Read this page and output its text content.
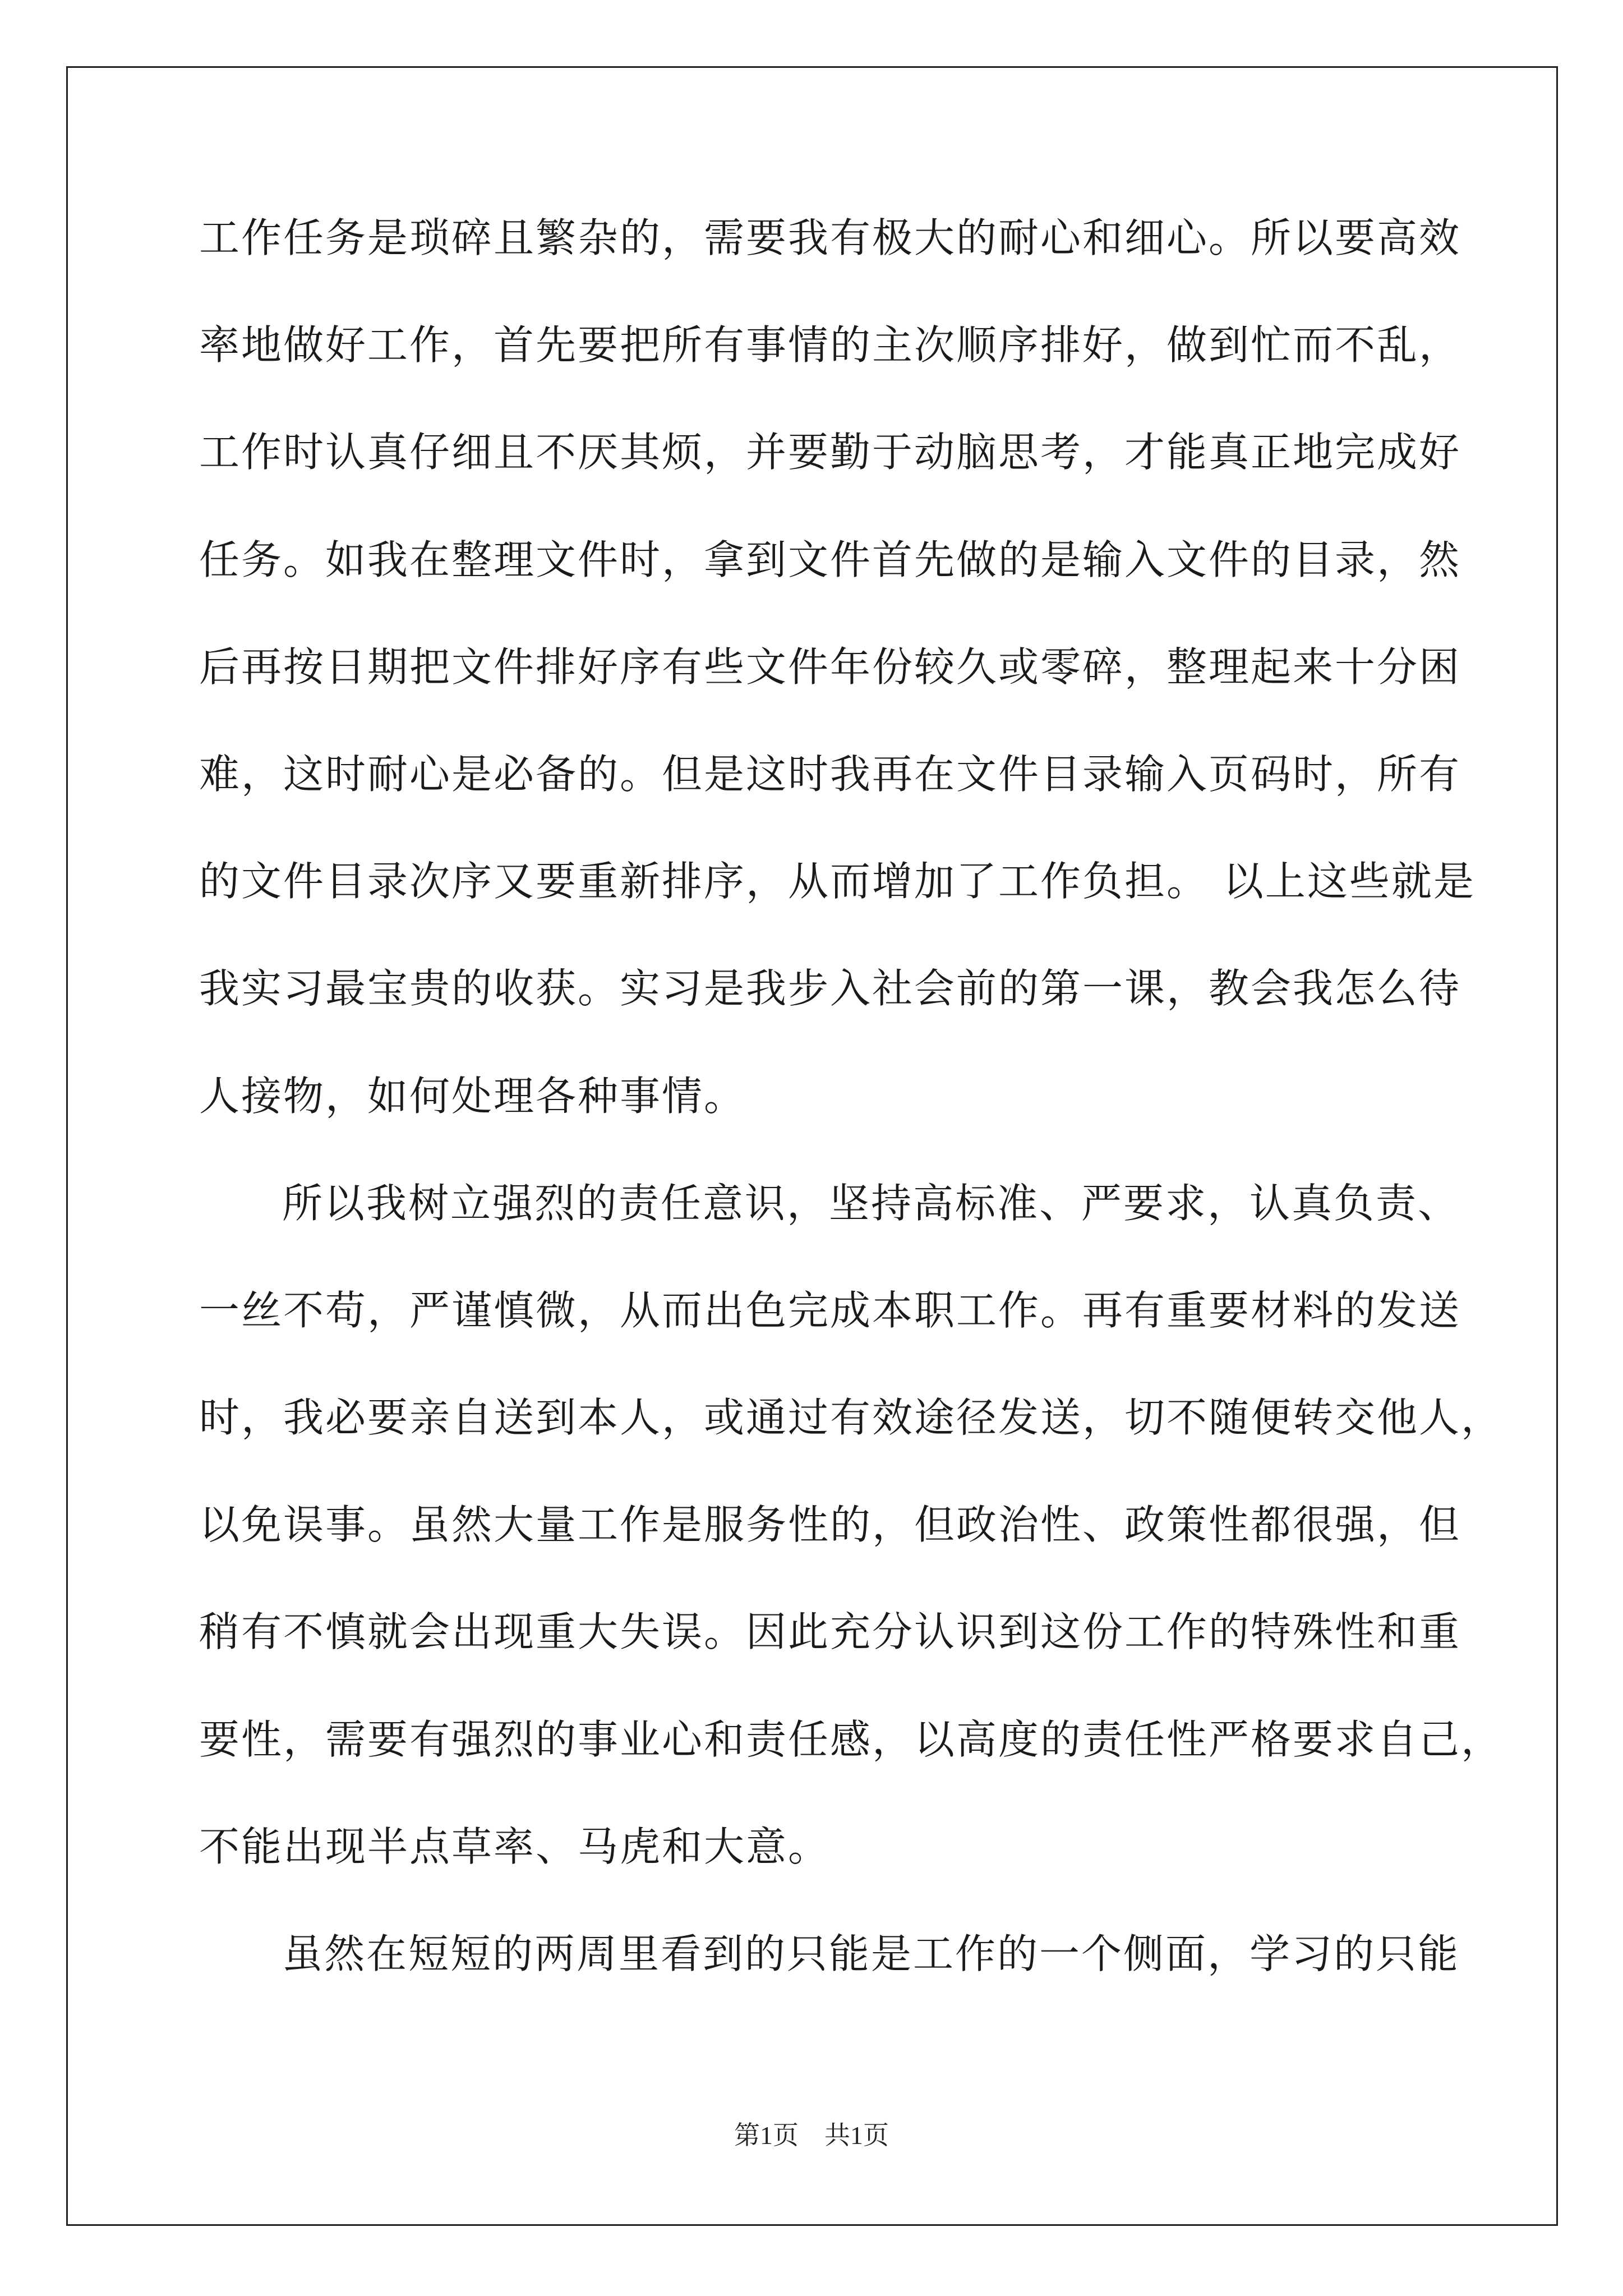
工作任务是琐碎且繁杂的，需要我有极大的耐心和细心。所以要高效
率地做好工作，首先要把所有事情的主次顺序排好，做到忙而不乱，
工作时认真仔细且不厌其烦，并要勤于动脑思考，才能真正地完成好
任务。如我在整理文件时，拿到文件首先做的是输入文件的目录，然
后再按日期把文件排好序有些文件年份较久或零碎，整理起来十分困
难，这时耐心是必备的。但是这时我再在文件目录输入页码时，所有
的文件目录次序又要重新排序，从而增加了工作负担。 以上这些就是
我实习最宝贵的收获。实习是我步入社会前的第一课，教会我怎么待
人接物，如何处理各种事情。
所以我树立强烈的责任意识，坚持高标准、严要求，认真负责、
一丝不苟，严谨慎微，从而出色完成本职工作。再有重要材料的发送
时，我必要亲自送到本人，或通过有效途径发送，切不随便转交他人，
以免误事。虽然大量工作是服务性的，但政治性、政策性都很强，但
稍有不慎就会出现重大失误。因此充分认识到这份工作的特殊性和重
要性，需要有强烈的事业心和责任感，以高度的责任性严格要求自己，
不能出现半点草率、马虎和大意。
虽然在短短的两周里看到的只能是工作的一个侧面，学习的只能
第1页　共1页
